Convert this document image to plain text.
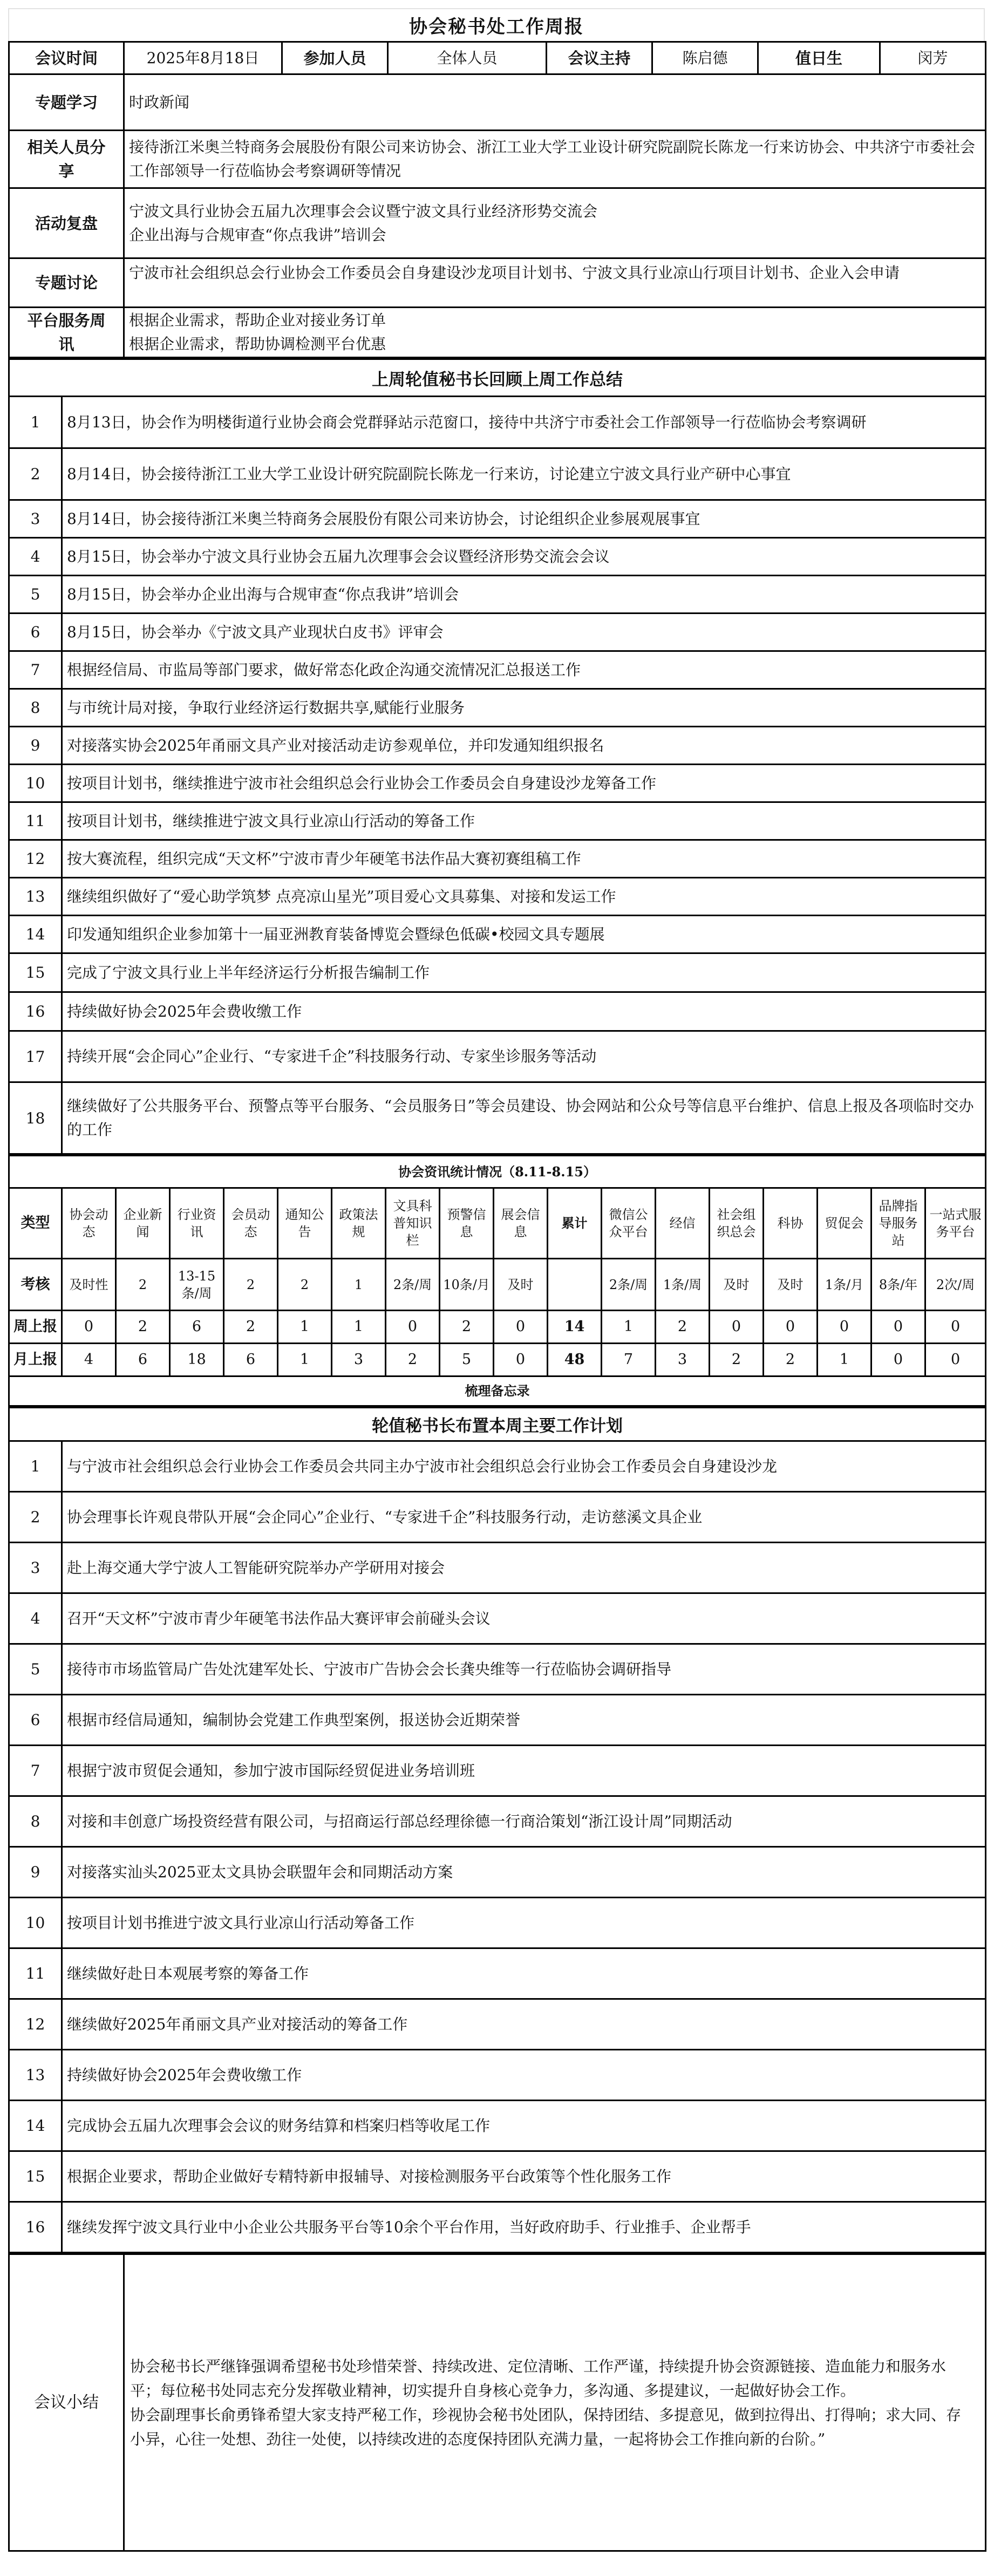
协会秘书处工作周报
会议时间	2025年8月18日	参加人员	全体人员	会议主持	陈启德	值日生	闵芳
专题学习	时政新闻						

相关人员分享	接待浙江米奥兰特商务会展股份有限公司来访协会、浙江工业大学工业设计研究院副院长陈龙一行来访协会、中共济宁市委社会工作部领导一行莅临协会考察调研等情况						

活动复盘	宁波文具行业协会五届九次理事会会议暨宁波文具行业经济形势交流会
企业出海与合规审查“你点我讲”培训会						

专题讨论	宁波市社会组织总会行业协会工作委员会自身建设沙龙项目计划书、宁波文具行业凉山行项目计划书、企业入会申请						

平台服务周讯	根据企业需求，帮助企业对接业务订单
根据企业需求，帮助协调检测平台优惠						
上周轮值秘书长回顾上周工作总结	
1	8月13日，协会作为明楼街道行业协会商会党群驿站示范窗口，接待中共济宁市委社会工作部领导一行莅临协会考察调研
2	8月14日，协会接待浙江工业大学工业设计研究院副院长陈龙一行来访，讨论建立宁波文具行业产研中心事宜
3	8月14日，协会接待浙江米奥兰特商务会展股份有限公司来访协会，讨论组织企业参展观展事宜
4	8月15日，协会举办宁波文具行业协会五届九次理事会会议暨经济形势交流会会议
5	8月15日，协会举办企业出海与合规审查“你点我讲”培训会
6	8月15日，协会举办《宁波文具产业现状白皮书》评审会
7	根据经信局、市监局等部门要求，做好常态化政企沟通交流情况汇总报送工作
8	与市统计局对接，争取行业经济运行数据共享,赋能行业服务
9	对接落实协会2025年甬丽文具产业对接活动走访参观单位，并印发通知组织报名
10	按项目计划书，继续推进宁波市社会组织总会行业协会工作委员会自身建设沙龙筹备工作
11	按项目计划书，继续推进宁波文具行业凉山行活动的筹备工作
12	按大赛流程，组织完成“天文杯”宁波市青少年硬笔书法作品大赛初赛组稿工作
13	继续组织做好了“爱心助学筑梦 点亮凉山星光”项目爱心文具募集、对接和发运工作
14	印发通知组织企业参加第十一届亚洲教育装备博览会暨绿色低碳•校园文具专题展
15	完成了宁波文具行业上半年经济运行分析报告编制工作
16	持续做好协会2025年会费收缴工作
17	持续开展“会企同心”企业行、“专家进千企”科技服务行动、专家坐诊服务等活动
18	继续做好了公共服务平台、预警点等平台服务、“会员服务日”等会员建设、协会网站和公众号等信息平台维护、信息上报及各项临时交办的工作
协会资讯统计情况（8.11-8.15）																	
类型	协会动态	企业新闻	行业资讯	会员动态	通知公告	政策法规	文具科普知识栏	预警信息	展会信息	累计	微信公众平台	经信	社会组织总会	科协	贸促会	品牌指导服务站	一站式服务平台
考核	及时性	2	13-15条/周	2	2	1	2条/周	10条/月	及时		2条/周	1条/周	及时	及时	1条/月	8条/年	2次/周
周上报	0	2	6	2	1	1	0	2	0	14	1	2	0	0	0	0	0
月上报	4	6	18	6	1	3	2	5	0	48	7	3	2	2	1	0	0
梳理备忘录																	
轮值秘书长布置本周主要工作计划	
1	与宁波市社会组织总会行业协会工作委员会共同主办宁波市社会组织总会行业协会工作委员会自身建设沙龙
2	协会理事长许观良带队开展“会企同心”企业行、“专家进千企”科技服务行动，走访慈溪文具企业
3	赴上海交通大学宁波人工智能研究院举办产学研用对接会
4	召开“天文杯”宁波市青少年硬笔书法作品大赛评审会前碰头会议
5	接待市市场监管局广告处沈建军处长、宁波市广告协会会长龚央维等一行莅临协会调研指导
6	根据市经信局通知，编制协会党建工作典型案例，报送协会近期荣誉
7	根据宁波市贸促会通知，参加宁波市国际经贸促进业务培训班
8	对接和丰创意广场投资经营有限公司，与招商运行部总经理徐德一行商洽策划“浙江设计周”同期活动
9	对接落实汕头2025亚太文具协会联盟年会和同期活动方案
10	按项目计划书推进宁波文具行业凉山行活动筹备工作
11	继续做好赴日本观展考察的筹备工作
12	继续做好2025年甬丽文具产业对接活动的筹备工作
13	持续做好协会2025年会费收缴工作
14	完成协会五届九次理事会会议的财务结算和档案归档等收尾工作
15	根据企业要求，帮助企业做好专精特新申报辅导、对接检测服务平台政策等个性化服务工作
16	继续发挥宁波文具行业中小企业公共服务平台等10余个平台作用，当好政府助手、行业推手、企业帮手
会议小结	

协会秘书长严继锋强调希望秘书处珍惜荣誉、持续改进、定位清晰、工作严谨，持续提升协会资源链接、造血能力和服务水平；每位秘书处同志充分发挥敬业精神，切实提升自身核心竞争力，多沟通、多提建议，一起做好协会工作。

协会副理事长俞勇锋希望大家支持严秘工作，珍视协会秘书处团队，保持团结、多提意见，做到拉得出、打得响；求大同、存小异，心往一处想、劲往一处使，以持续改进的态度保持团队充满力量，一起将协会工作推向新的台阶。”
